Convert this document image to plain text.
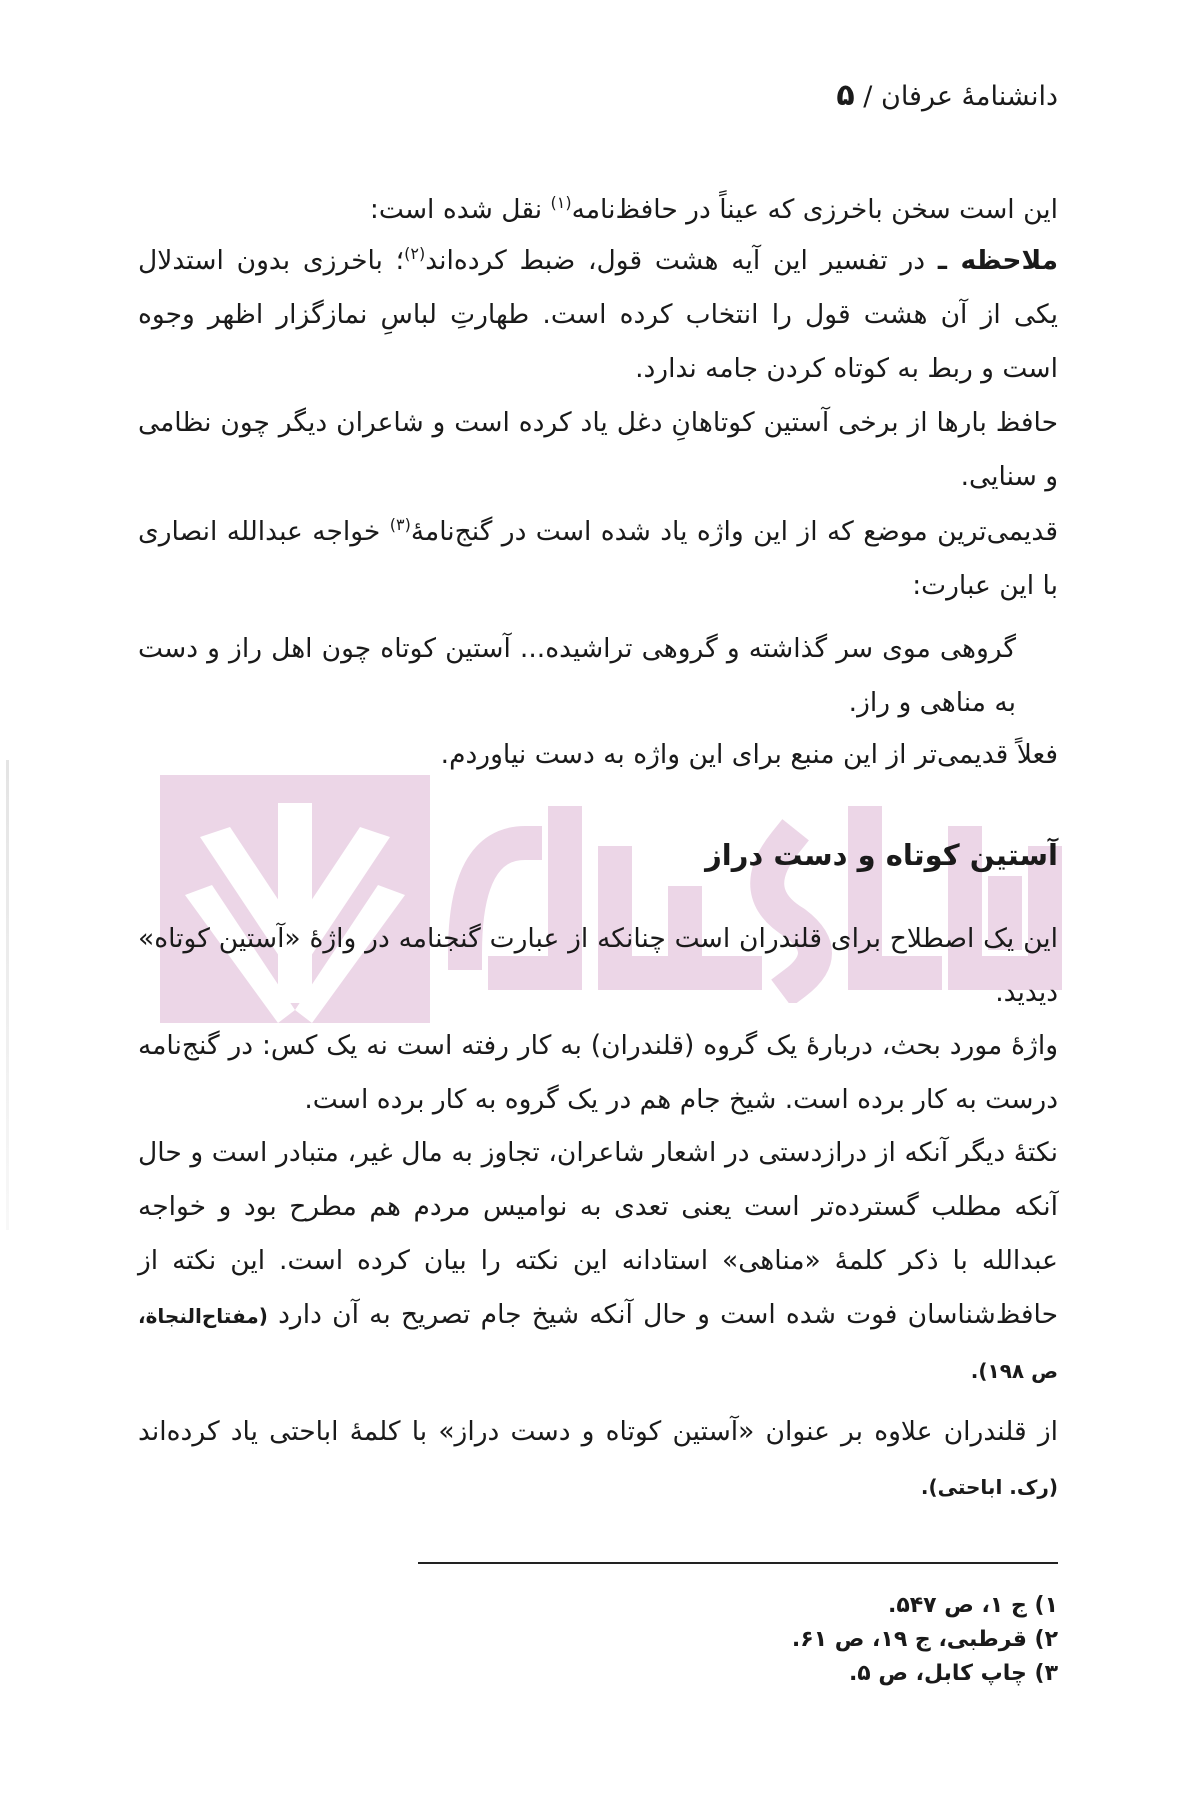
دانشنامهٔ عرفان / ۵
این است سخن باخرزی که عیناً در حافظ‌نامه$^{(۱)}$ نقل شده است:
ملاحظه ـ در تفسیر این آیه هشت قول، ضبط کرده‌اند$^{(۲)}$؛ باخرزی بدون استدلال یکی از آن هشت قول را انتخاب کرده است. طهارتِ لباسِ نمازگزار اظهر وجوه است و ربط به کوتاه کردن جامه ندارد.
حافظ بارها از برخی آستین کوتاهانِ دغل یاد کرده است و شاعران دیگر چون نظامی و سنایی.
قدیمی‌ترین موضع که از این واژه یاد شده است در گنج‌نامهٔ$^{(۳)}$ خواجه عبدالله انصاری با این عبارت:
گروهی موی سر گذاشته و گروهی تراشیده... آستین کوتاه چون اهل راز و دست به مناهی و راز.
فعلاً قدیمی‌تر از این منبع برای این واژه به دست نیاوردم.
آستین کوتاه و دست دراز
این یک اصطلاح برای قلندران است چنانکه از عبارت گنجنامه در واژهٔ «آستین کوتاه» دیدید.
واژهٔ مورد بحث، دربارهٔ یک گروه (قلندران) به کار رفته است نه یک کس: در گنج‌نامه درست به کار برده است. شیخ جام هم در یک گروه به کار برده است.
نکتهٔ دیگر آنکه از درازدستی در اشعار شاعران، تجاوز به مال غیر، متبادر است و حال آنکه مطلب گسترده‌تر است یعنی تعدی به نوامیس مردم هم مطرح بود و خواجه عبدالله با ذکر کلمهٔ «مناهی» استادانه این نکته را بیان کرده است. این نکته از حافظ‌شناسان فوت شده است و حال آنکه شیخ جام تصریح به آن دارد (مفتاح‌النجاة، ص ۱۹۸).
از قلندران علاوه بر عنوان «آستین کوتاه و دست دراز» با کلمهٔ اباحتی یاد کرده‌اند (رک. اباحتی).
۱) ج ۱، ص ۵۴۷.
۲) قرطبی، ج ۱۹، ص ۶۱.
۳) چاپ کابل، ص ۵.
